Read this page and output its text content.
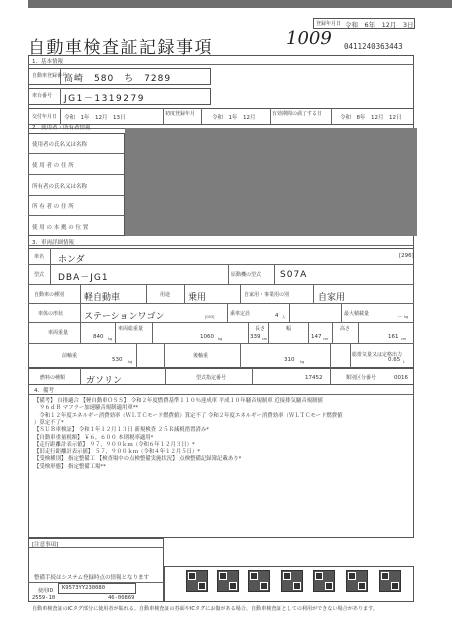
登録年月日 令和　6年　12月　3日
自動車検査証記録事項	1009 0411240363443
1．基本情報
自動車登録番号
高崎　580　ち　7289
車台番号 JG1－1319279
交付年月日 令和　1年　12月　13日
初度登録年月
令和　1年　12月
有効期間の満了する日
令和　8年　12月　12日
2．使用者・所有者情報
使用者の氏名又は名称
使 用 者 の 住 所
所有者の氏名又は名称
所 有 者 の 住 所
使 用 の 本 拠 の 位 置
3．車両詳細情報
車名 ホンダ	[296]
型式 DBA－JG1	原動機の型式 S07A
自動車の種別 軽自動車	用途 乗用	自家用・事業用の別	自家用
車体の形状 ステーションワゴン	[003]	乗車定員	4 人	最大積載量
－ kg
車両重量
840 kg
車両総重量
1060 kg
長さ
339 cm
幅
147 cm
高さ
161 cm
前軸重
530 kg
後軸重
310 kg
総排気量又は定格出力
0.65 L
燃料の種類 ガソリン	型式指定番号	17452	類別区分番号	0016
4．備考
【備考】 自排適合 【軽自動車ＯＳＳ】 令和２年度燃費基準１１０％達成車 平成１０年騒音規制車 近接排気騒音規制値
　９６ｄＢ マフラー加速騒音規制適用車**
　令和１２年度エネルギー消費効率（ＷＬＴＣモード燃費値）算定不了 令和２年度エネルギー消費効率（ＷＬＴＣモード燃費値
）算定不了*
【ＳＵＢ車検証】 令和１年１２月１３日 新規検査 ２５Ｒ減税措置済み*
【自動車重量税額】 ￥６，６００ 本則税率適用*
【走行距離計表示値】 ９７，９００ｋｍ（令和６年１２月３日）*
【旧走行距離計表示値】 ５７，９００ｋｍ（令和４年１２月５日）*
【受検種別】 指定整備工 【検査場中の点検整備実施状況】 点検整備記録簿記載あり*
【受検形態】 指定整備工場**
[注意事項]
整備手続はシステム登録時点の情報となります
使用ID K9573YY230080
2559-10	46-00869
自動車検査証のICタグ部分に使用者が貼れる。自動車検査証の券面やICタグにお傷がある場合、自動車検査証としての利用ができない場合があります。
